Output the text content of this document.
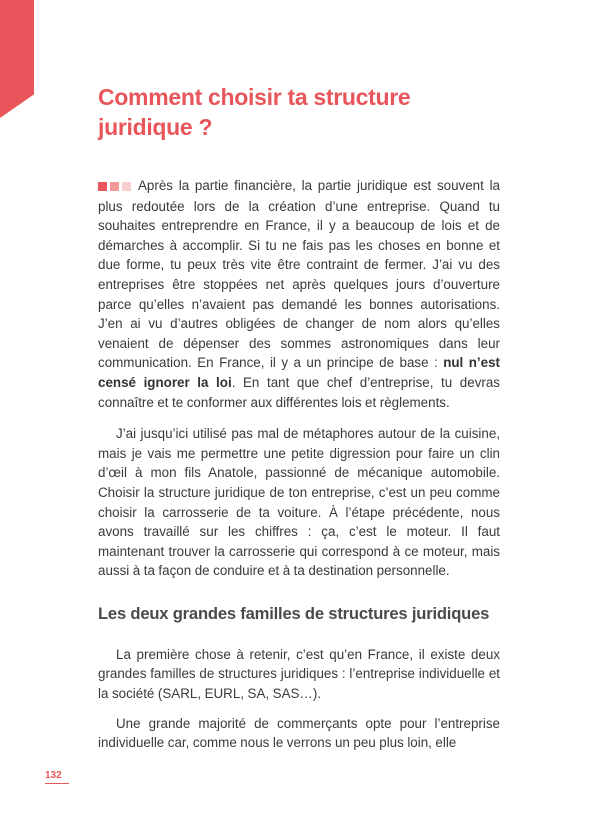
Comment choisir ta structure juridique ?

Après la partie financière, la partie juridique est souvent la plus redoutée lors de la création d’une entreprise. Quand tu souhaites entreprendre en France, il y a beaucoup de lois et de démarches à accomplir. Si tu ne fais pas les choses en bonne et due forme, tu peux très vite être contraint de fermer. J’ai vu des entreprises être stoppées net après quelques jours d’ouverture parce qu’elles n’avaient pas demandé les bonnes autorisations. J’en ai vu d’autres obligées de changer de nom alors qu’elles venaient de dépenser des sommes astronomiques dans leur communication. En France, il y a un principe de base : nul n’est censé ignorer la loi. En tant que chef d’entreprise, tu devras connaître et te conformer aux différentes lois et règlements.

J’ai jusqu’ici utilisé pas mal de métaphores autour de la cuisine, mais je vais me permettre une petite digression pour faire un clin d’œil à mon fils Anatole, passionné de mécanique automobile. Choisir la structure juridique de ton entreprise, c’est un peu comme choisir la carrosserie de ta voiture. À l’étape précédente, nous avons travaillé sur les chiffres : ça, c’est le moteur. Il faut maintenant trouver la carrosserie qui correspond à ce moteur, mais aussi à ta façon de conduire et à ta destination personnelle.

Les deux grandes familles de structures juridiques

La première chose à retenir, c’est qu’en France, il existe deux grandes familles de structures juridiques : l’entreprise individuelle et la société (SARL, EURL, SA, SAS…).

Une grande majorité de commerçants opte pour l’entreprise individuelle car, comme nous le verrons un peu plus loin, elle

132
